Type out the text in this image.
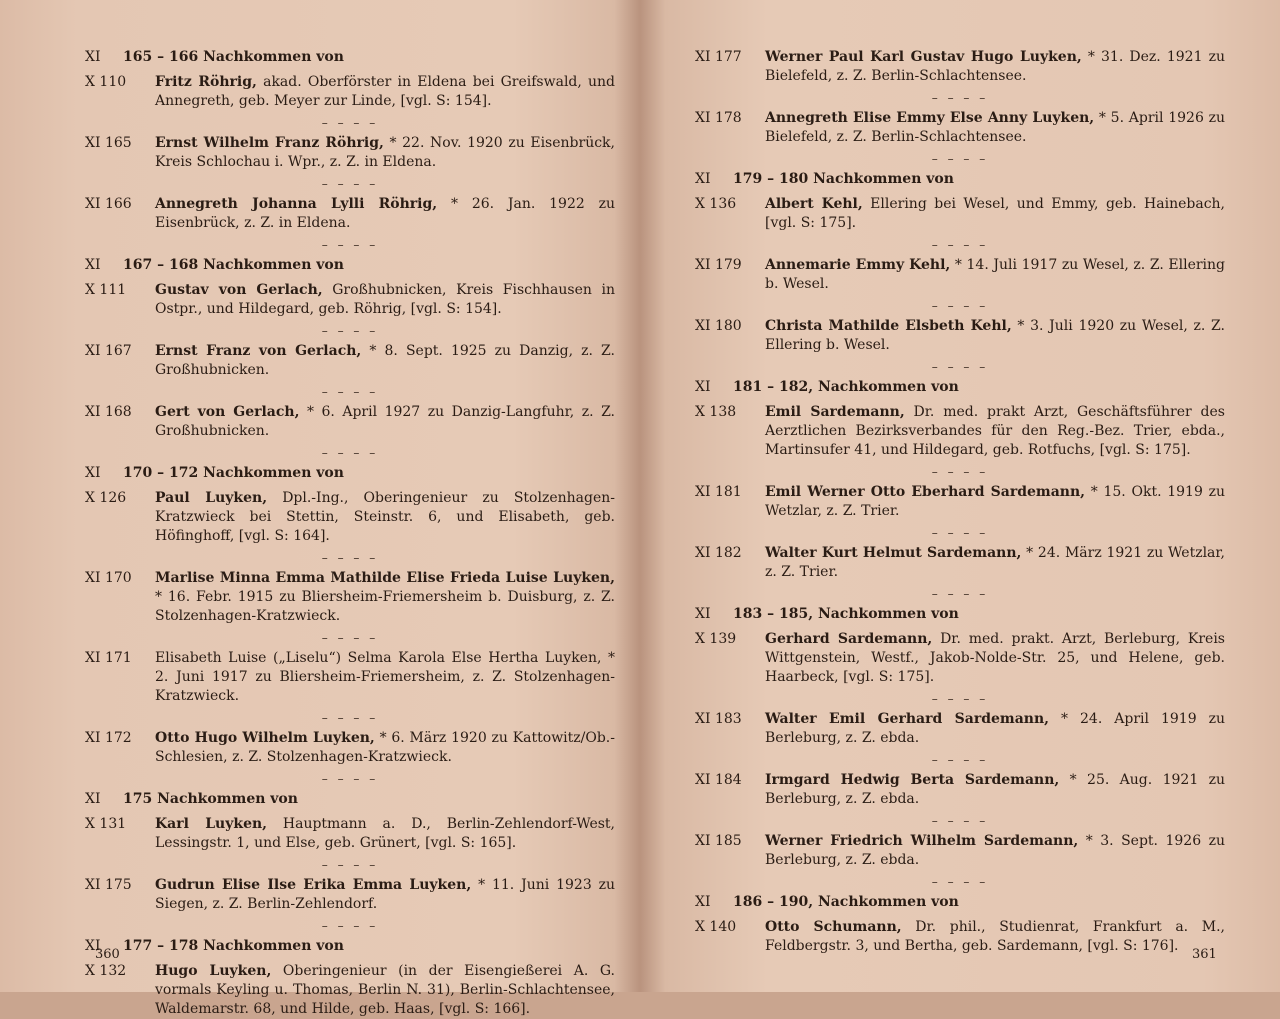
XI	165 – 166 Nachkommen von
X 110	Fritz Röhrig, akad. Oberförster in Eldena bei Greifswald, und Annegreth, geb. Meyer zur Linde, [vgl. S: 154].
– – – –
XI 165	Ernst Wilhelm Franz Röhrig, * 22. Nov. 1920 zu Eisenbrück, Kreis Schlochau i. Wpr., z. Z. in Eldena.
– – – –
XI 166	Annegreth Johanna Lylli Röhrig, * 26. Jan. 1922 zu Eisenbrück, z. Z. in Eldena.
– – – –
XI	167 – 168 Nachkommen von
X 111	Gustav von Gerlach, Großhubnicken, Kreis Fischhausen in Ostpr., und Hildegard, geb. Röhrig, [vgl. S: 154].
– – – –
XI 167	Ernst Franz von Gerlach, * 8. Sept. 1925 zu Danzig, z. Z. Großhubnicken.
– – – –
XI 168	Gert von Gerlach, * 6. April 1927 zu Danzig-Langfuhr, z. Z. Großhubnicken.
– – – –
XI	170 – 172 Nachkommen von
X 126	Paul Luyken, Dpl.-Ing., Oberingenieur zu Stolzenhagen-Kratzwieck bei Stettin, Steinstr. 6, und Elisabeth, geb. Höfinghoff, [vgl. S: 164].
– – – –
XI 170	Marlise Minna Emma Mathilde Elise Frieda Luise Luyken, * 16. Febr. 1915 zu Bliersheim-Friemersheim b. Duisburg, z. Z. Stolzenhagen-Kratzwieck.
– – – –
XI 171	Elisabeth Luise („Liselu“) Selma Karola Else Hertha Luyken, * 2. Juni 1917 zu Bliersheim-Friemersheim, z. Z. Stolzenhagen-Kratzwieck.
– – – –
XI 172	Otto Hugo Wilhelm Luyken, * 6. März 1920 zu Kattowitz/Ob.-Schlesien, z. Z. Stolzenhagen-Kratzwieck.
– – – –
XI	175 Nachkommen von
X 131	Karl Luyken, Hauptmann a. D., Berlin-Zehlendorf-West, Lessingstr. 1, und Else, geb. Grünert, [vgl. S: 165].
– – – –
XI 175	Gudrun Elise Ilse Erika Emma Luyken, * 11. Juni 1923 zu Siegen, z. Z. Berlin-Zehlendorf.
– – – –
XI	177 – 178 Nachkommen von
X 132	Hugo Luyken, Oberingenieur (in der Eisengießerei A. G. vormals Keyling u. Thomas, Berlin N. 31), Berlin-Schlachtensee, Waldemarstr. 68, und Hilde, geb. Haas, [vgl. S: 166].
XI 177	Werner Paul Karl Gustav Hugo Luyken, * 31. Dez. 1921 zu Bielefeld, z. Z. Berlin-Schlachtensee.
– – – –
XI 178	Annegreth Elise Emmy Else Anny Luyken, * 5. April 1926 zu Bielefeld, z. Z. Berlin-Schlachtensee.
– – – –
XI	179 – 180 Nachkommen von
X 136	Albert Kehl, Ellering bei Wesel, und Emmy, geb. Hainebach, [vgl. S: 175].
– – – –
XI 179	Annemarie Emmy Kehl, * 14. Juli 1917 zu Wesel, z. Z. Ellering b. Wesel.
– – – –
XI 180	Christa Mathilde Elsbeth Kehl, * 3. Juli 1920 zu Wesel, z. Z. Ellering b. Wesel.
– – – –
XI	181 – 182, Nachkommen von
X 138	Emil Sardemann, Dr. med. prakt Arzt, Geschäftsführer des Aerztlichen Bezirksverbandes für den Reg.-Bez. Trier, ebda., Martinsufer 41, und Hildegard, geb. Rotfuchs, [vgl. S: 175].
– – – –
XI 181	Emil Werner Otto Eberhard Sardemann, * 15. Okt. 1919 zu Wetzlar, z. Z. Trier.
– – – –
XI 182	Walter Kurt Helmut Sardemann, * 24. März 1921 zu Wetzlar, z. Z. Trier.
– – – –
XI	183 – 185, Nachkommen von
X 139	Gerhard Sardemann, Dr. med. prakt. Arzt, Berleburg, Kreis Wittgenstein, Westf., Jakob-Nolde-Str. 25, und Helene, geb. Haarbeck, [vgl. S: 175].
– – – –
XI 183	Walter Emil Gerhard Sardemann, * 24. April 1919 zu Berleburg, z. Z. ebda.
– – – –
XI 184	Irmgard Hedwig Berta Sardemann, * 25. Aug. 1921 zu Berleburg, z. Z. ebda.
– – – –
XI 185	Werner Friedrich Wilhelm Sardemann, * 3. Sept. 1926 zu Berleburg, z. Z. ebda.
– – – –
XI	186 – 190, Nachkommen von
X 140	Otto Schumann, Dr. phil., Studienrat, Frankfurt a. M., Feldbergstr. 3, und Bertha, geb. Sardemann, [vgl. S: 176].
360	361
